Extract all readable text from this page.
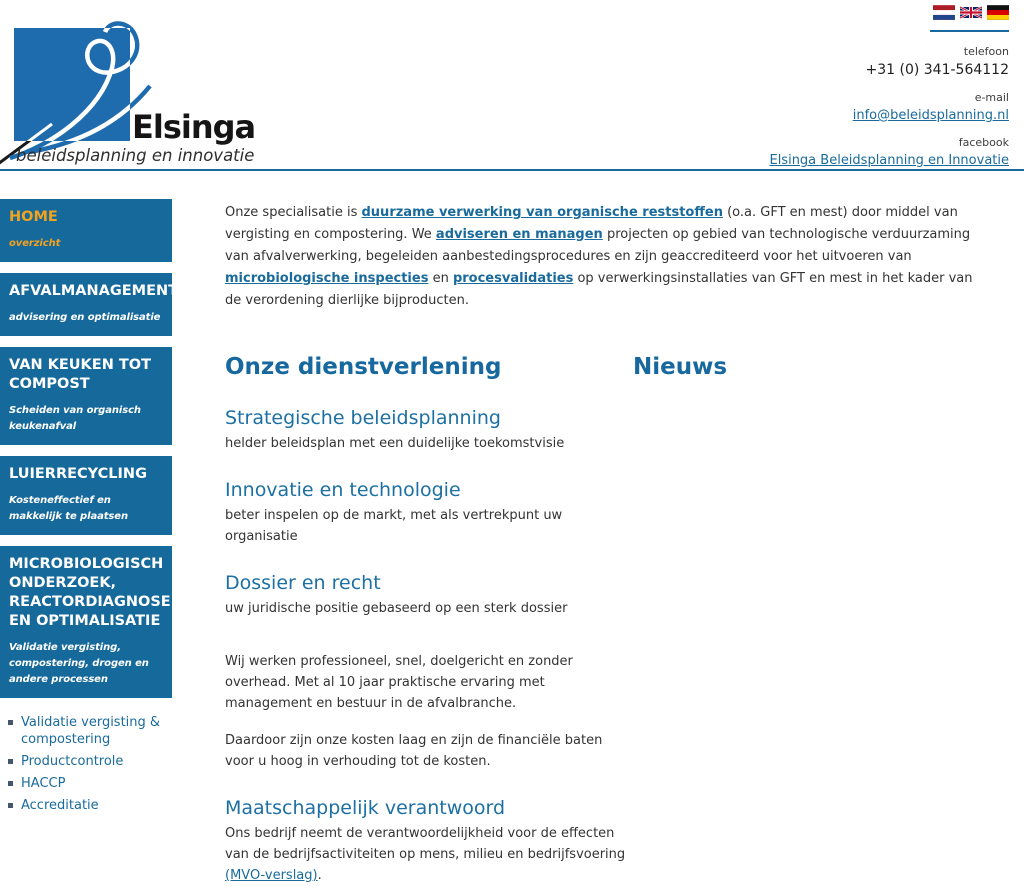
Elsinga
beleidsplanning en innovatie
telefoon
+31 (0) 341-564112
e-mail
info@beleidsplanning.nl
facebook
Elsinga Beleidsplanning en Innovatie
HOME
overzicht
AFVALMANAGEMENT
advisering en optimalisatie
VAN KEUKEN TOT COMPOST
Scheiden van organisch keukenafval
LUIERRECYCLING
Kosteneffectief en makkelijk te plaatsen
MICROBIOLOGISCH ONDERZOEK, REACTORDIAGNOSE EN OPTIMALISATIE
Validatie vergisting, compostering, drogen en andere processen
Validatie vergisting & compostering
Productcontrole
HACCP
Accreditatie

Onze specialisatie is duurzame verwerking van organische reststoffen (o.a. GFT en mest) door middel van vergisting en compostering. We adviseren en managen projecten op gebied van technologische verduurzaming van afvalverwerking, begeleiden aanbestedingsprocedures en zijn geaccrediteerd voor het uitvoeren van microbiologische inspecties en procesvalidaties op verwerkingsinstallaties van GFT en mest in het kader van de verordening dierlijke bijproducten.

Onze dienstverlening
Strategische beleidsplanning

helder beleidsplan met een duidelijke toekomstvisie

Innovatie en technologie

beter inspelen op de markt, met als vertrekpunt uw organisatie

Dossier en recht

uw juridische positie gebaseerd op een sterk dossier

Wij werken professioneel, snel, doelgericht en zonder overhead. Met al 10 jaar praktische ervaring met management en bestuur in de afvalbranche.

Daardoor zijn onze kosten laag en zijn de financiële baten voor u hoog in verhouding tot de kosten.

Maatschappelijk verantwoord

Ons bedrijf neemt de verantwoordelijkheid voor de effecten van de bedrijfsactiviteiten op mens, milieu en bedrijfsvoering (MVO-verslag).

Nieuws
